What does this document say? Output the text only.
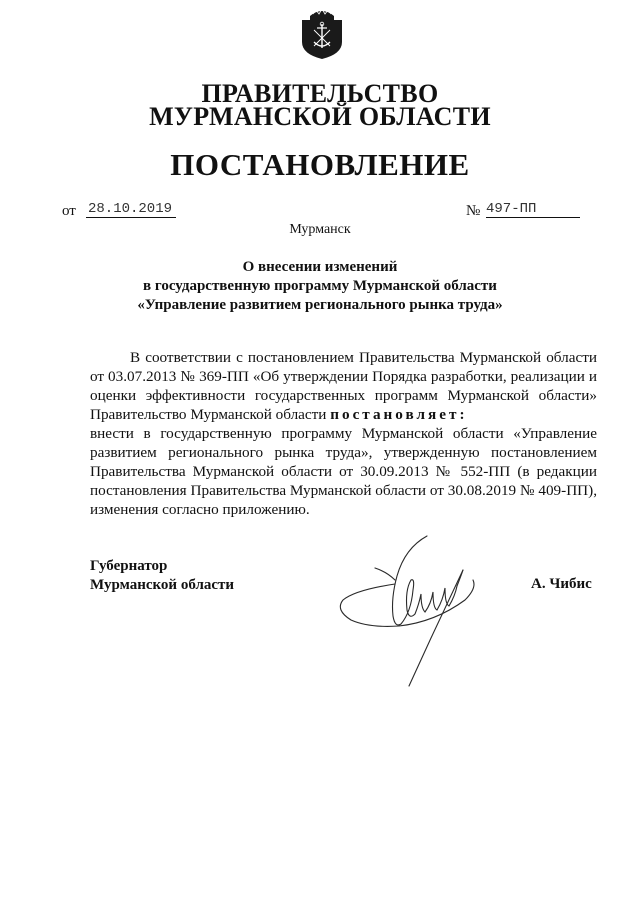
ПРАВИТЕЛЬСТВО
МУРМАНСКОЙ ОБЛАСТИ
ПОСТАНОВЛЕНИЕ
от 28.10.2019	№ 497-ПП
Мурманск
О внесении изменений
в государственную программу Мурманской области
«Управление развитием регионального рынка труда»
В соответствии с постановлением Правительства Мурманской области от 03.07.2013 № 369-ПП «Об утверждении Порядка разработки, реализации и оценки эффективности государственных программ Мурманской области» Правительство Мурманской области постановляет:
внести в государственную программу Мурманской области «Управление развитием регионального рынка труда», утвержденную постановлением Правительства Мурманской области от 30.09.2013 № 552-ПП (в редакции постановления Правительства Мурманской области от 30.08.2019 № 409-ПП), изменения согласно приложению.
Губернатор
Мурманской области	А. Чибис
